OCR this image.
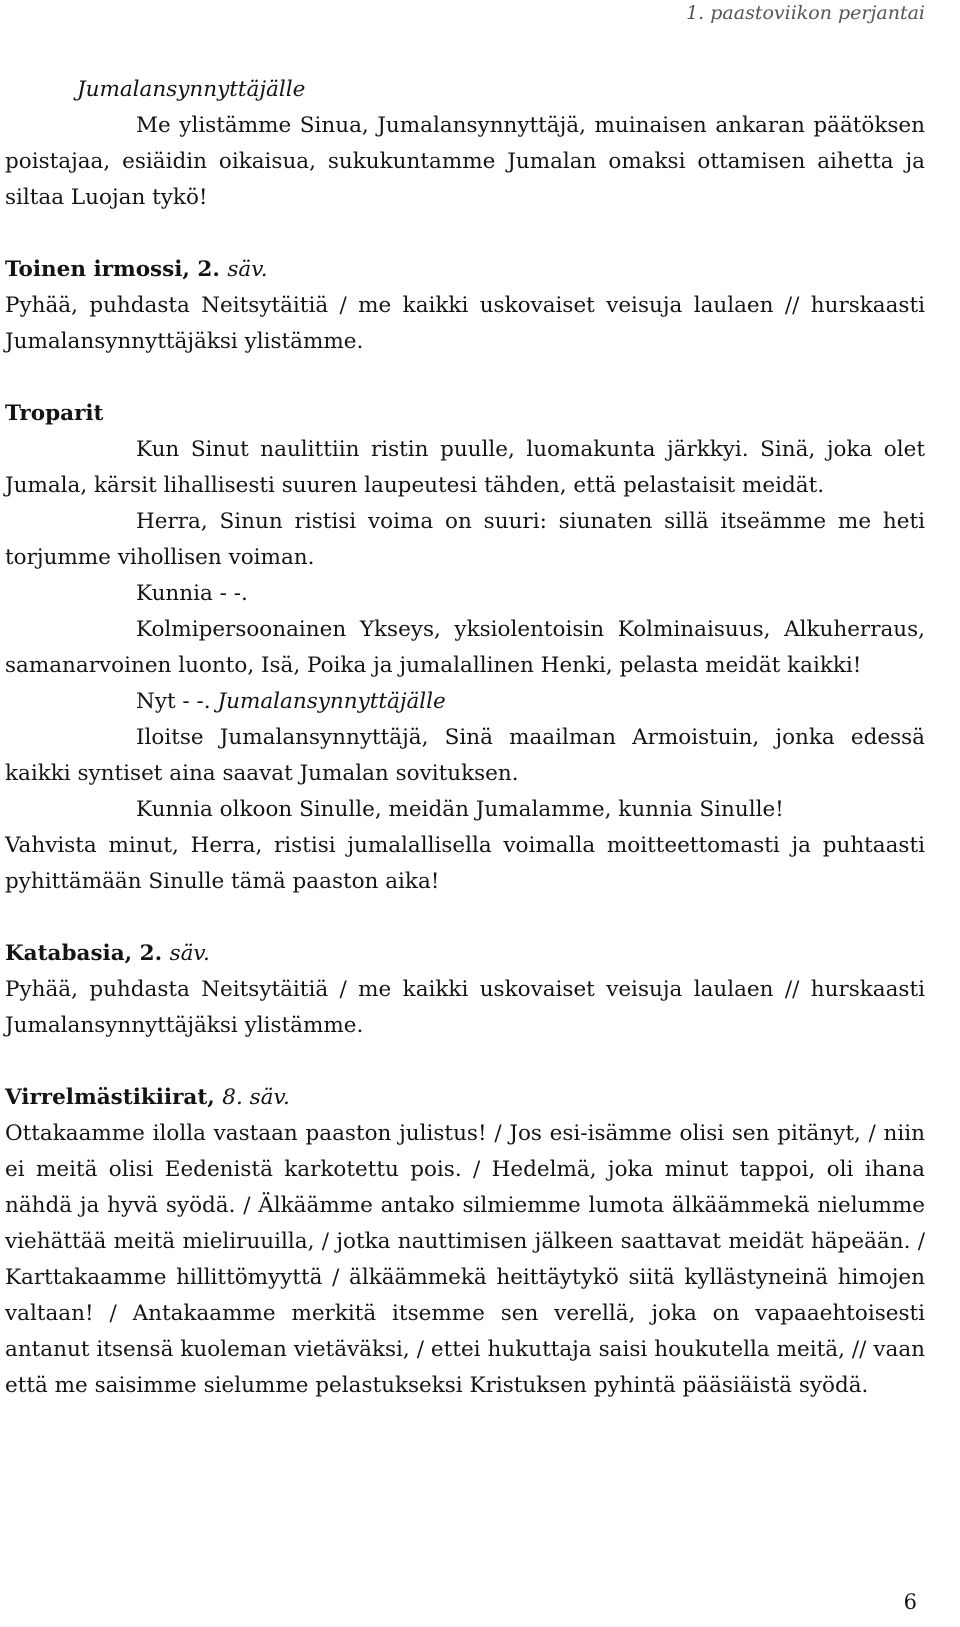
1. paastoviikon perjantai

Jumalansynnyttäjälle

Me ylistämme Sinua, Jumalansynnyttäjä, muinaisen ankaran päätöksen poistajaa, esiäidin oikaisua, sukukuntamme Jumalan omaksi ottamisen aihetta ja siltaa Luojan tykö!

Toinen irmossi, 2. säv.

Pyhää, puhdasta Neitsytäitiä / me kaikki uskovaiset veisuja laulaen // hurskaasti Jumalansynnyttäjäksi ylistämme.

Troparit

Kun Sinut naulittiin ristin puulle, luomakunta järkkyi. Sinä, joka olet Jumala, kärsit lihallisesti suuren laupeutesi tähden, että pelastaisit meidät.

Herra, Sinun ristisi voima on suuri: siunaten sillä itseämme me heti torjumme vihollisen voiman.

Kunnia - -.

Kolmipersoonainen Ykseys, yksiolentoisin Kolminaisuus, Alkuherraus, samanarvoinen luonto, Isä, Poika ja jumalallinen Henki, pelasta meidät kaikki!

Nyt - -. Jumalansynnyttäjälle

Iloitse Jumalansynnyttäjä, Sinä maailman Armoistuin, jonka edessä kaikki syntiset aina saavat Jumalan sovituksen.

Kunnia olkoon Sinulle, meidän Jumalamme, kunnia Sinulle!

Vahvista minut, Herra, ristisi jumalallisella voimalla moitteettomasti ja puhtaasti pyhittämään Sinulle tämä paaston aika!

Katabasia, 2. säv.

Pyhää, puhdasta Neitsytäitiä / me kaikki uskovaiset veisuja laulaen // hurskaasti Jumalansynnyttäjäksi ylistämme.

Virrelmästikiirat, 8. säv.

Ottakaamme ilolla vastaan paaston julistus! / Jos esi-isämme olisi sen pitänyt, / niin ei meitä olisi Eedenistä karkotettu pois. / Hedelmä, joka minut tappoi, oli ihana nähdä ja hyvä syödä. / Älkäämme antako silmiemme lumota älkäämmekä nielumme viehättää meitä mieliruuilla, / jotka nauttimisen jälkeen saattavat meidät häpeään. / Karttakaamme hillittömyyttä / älkäämmekä heittäytykö siitä kyllästyneinä himojen valtaan! / Antakaamme merkitä itsemme sen verellä, joka on vapaaehtoisesti antanut itsensä kuoleman vietäväksi, / ettei hukuttaja saisi houkutella meitä, // vaan että me saisimme sielumme pelastukseksi Kristuksen pyhintä pääsiäistä syödä.

6
